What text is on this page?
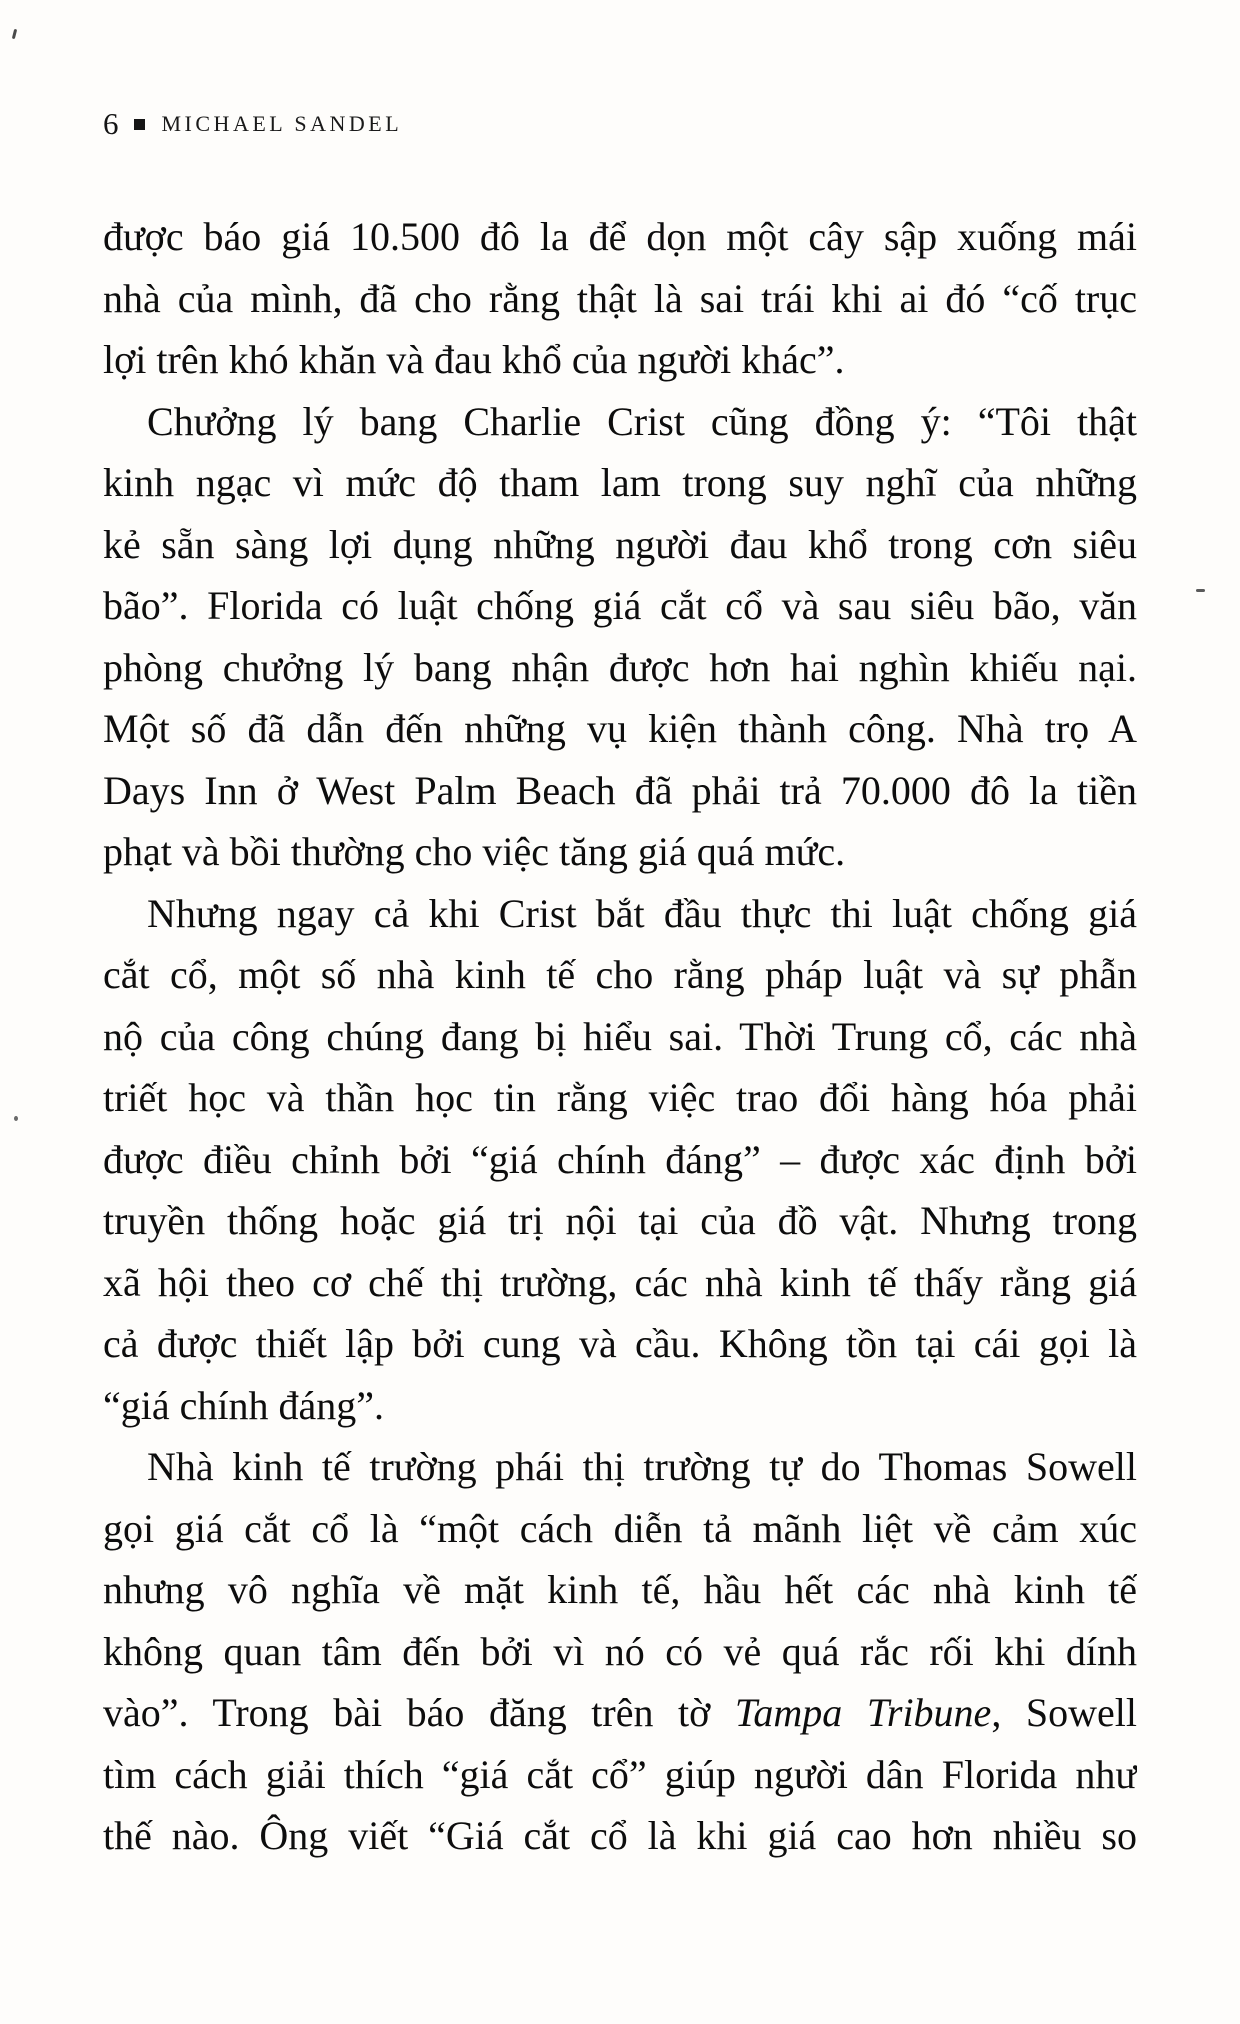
6 MICHAEL SANDEL
được báo giá 10.500 đô la để dọn một cây sập xuống mái
nhà của mình, đã cho rằng thật là sai trái khi ai đó “cố trục
lợi trên khó khăn và đau khổ của người khác”.
Chưởng lý bang Charlie Crist cũng đồng ý: “Tôi thật
kinh ngạc vì mức độ tham lam trong suy nghĩ của những
kẻ sẵn sàng lợi dụng những người đau khổ trong cơn siêu
bão”. Florida có luật chống giá cắt cổ và sau siêu bão, văn
phòng chưởng lý bang nhận được hơn hai nghìn khiếu nại.
Một số đã dẫn đến những vụ kiện thành công. Nhà trọ A
Days Inn ở West Palm Beach đã phải trả 70.000 đô la tiền
phạt và bồi thường cho việc tăng giá quá mức.
Nhưng ngay cả khi Crist bắt đầu thực thi luật chống giá
cắt cổ, một số nhà kinh tế cho rằng pháp luật và sự phẫn
nộ của công chúng đang bị hiểu sai. Thời Trung cổ, các nhà
triết học và thần học tin rằng việc trao đổi hàng hóa phải
được điều chỉnh bởi “giá chính đáng” – được xác định bởi
truyền thống hoặc giá trị nội tại của đồ vật. Nhưng trong
xã hội theo cơ chế thị trường, các nhà kinh tế thấy rằng giá
cả được thiết lập bởi cung và cầu. Không tồn tại cái gọi là
“giá chính đáng”.
Nhà kinh tế trường phái thị trường tự do Thomas Sowell
gọi giá cắt cổ là “một cách diễn tả mãnh liệt về cảm xúc
nhưng vô nghĩa về mặt kinh tế, hầu hết các nhà kinh tế
không quan tâm đến bởi vì nó có vẻ quá rắc rối khi dính
vào”. Trong bài báo đăng trên tờ Tampa Tribune, Sowell
tìm cách giải thích “giá cắt cổ” giúp người dân Florida như
thế nào. Ông viết “Giá cắt cổ là khi giá cao hơn nhiều so
